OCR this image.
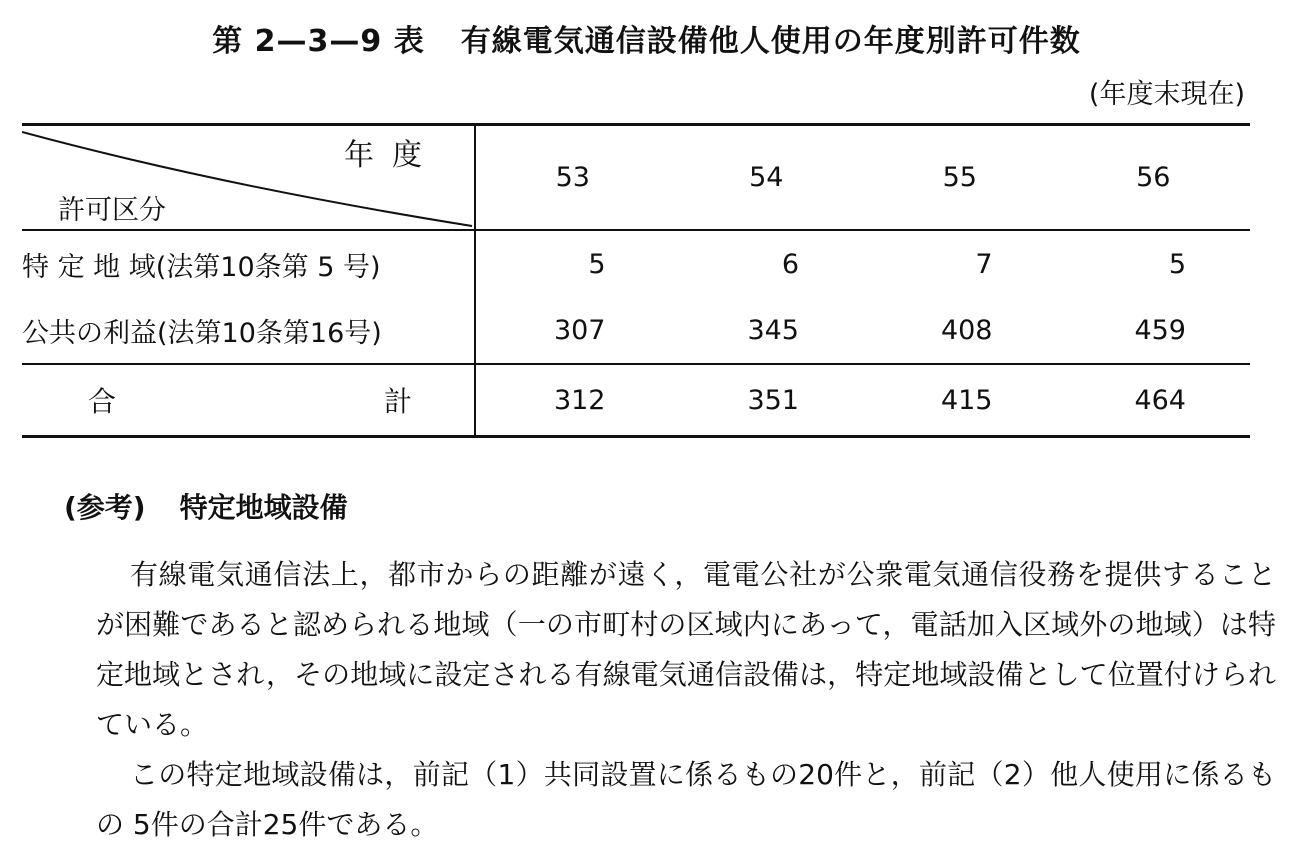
第 2—3—9 表 有線電気通信設備他人使用の年度別許可件数
(年度末現在)
年度
許可区分	53	54	55	56
特 定 地 域(法第10条第 5 号)	5	6	7	5
公共の利益(法第10条第16号)	307	345	408	459

合 計	312	351	415	464
(参考) 特定地域設備

有線電気通信法上，都市からの距離が遠く，電電公社が公衆電気通信役務を提供することが困難であると認められる地域（一の市町村の区域内にあって，電話加入区域外の地域）は特定地域とされ，その地域に設定される有線電気通信設備は，特定地域設備として位置付けられている。

この特定地域設備は，前記（1）共同設置に係るもの20件と，前記（2）他人使用に係るもの 5件の合計25件である。
